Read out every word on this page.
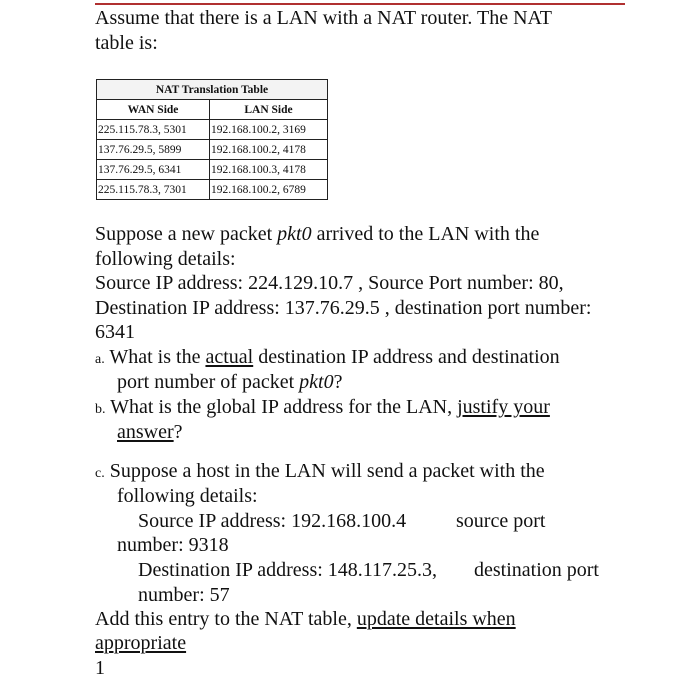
Assume that there is a LAN with a NAT router. The NAT
table is:

NAT Translation Table	
WAN Side	LAN Side
225.115.78.3, 5301	192.168.100.2, 3169
137.76.29.5, 5899	192.168.100.2, 4178
137.76.29.5, 6341	192.168.100.3, 4178
225.115.78.3, 7301	192.168.100.2, 6789

Suppose a new packet pkt0 arrived to the LAN with the
following details:
Source IP address: 224.129.10.7 , Source Port number: 80,
Destination IP address: 137.76.29.5 , destination port number:
6341

a. What is the actual destination IP address and destination
port number of packet pkt0?
b. What is the global IP address for the LAN, justify your
answer?
c. Suppose a host in the LAN will send a packet with the
following details:
Source IP address: 192.168.100.4 source port
number: 9318
Destination IP address: 148.117.25.3, destination port
number: 57
Add this entry to the NAT table, update details when
appropriate
1
